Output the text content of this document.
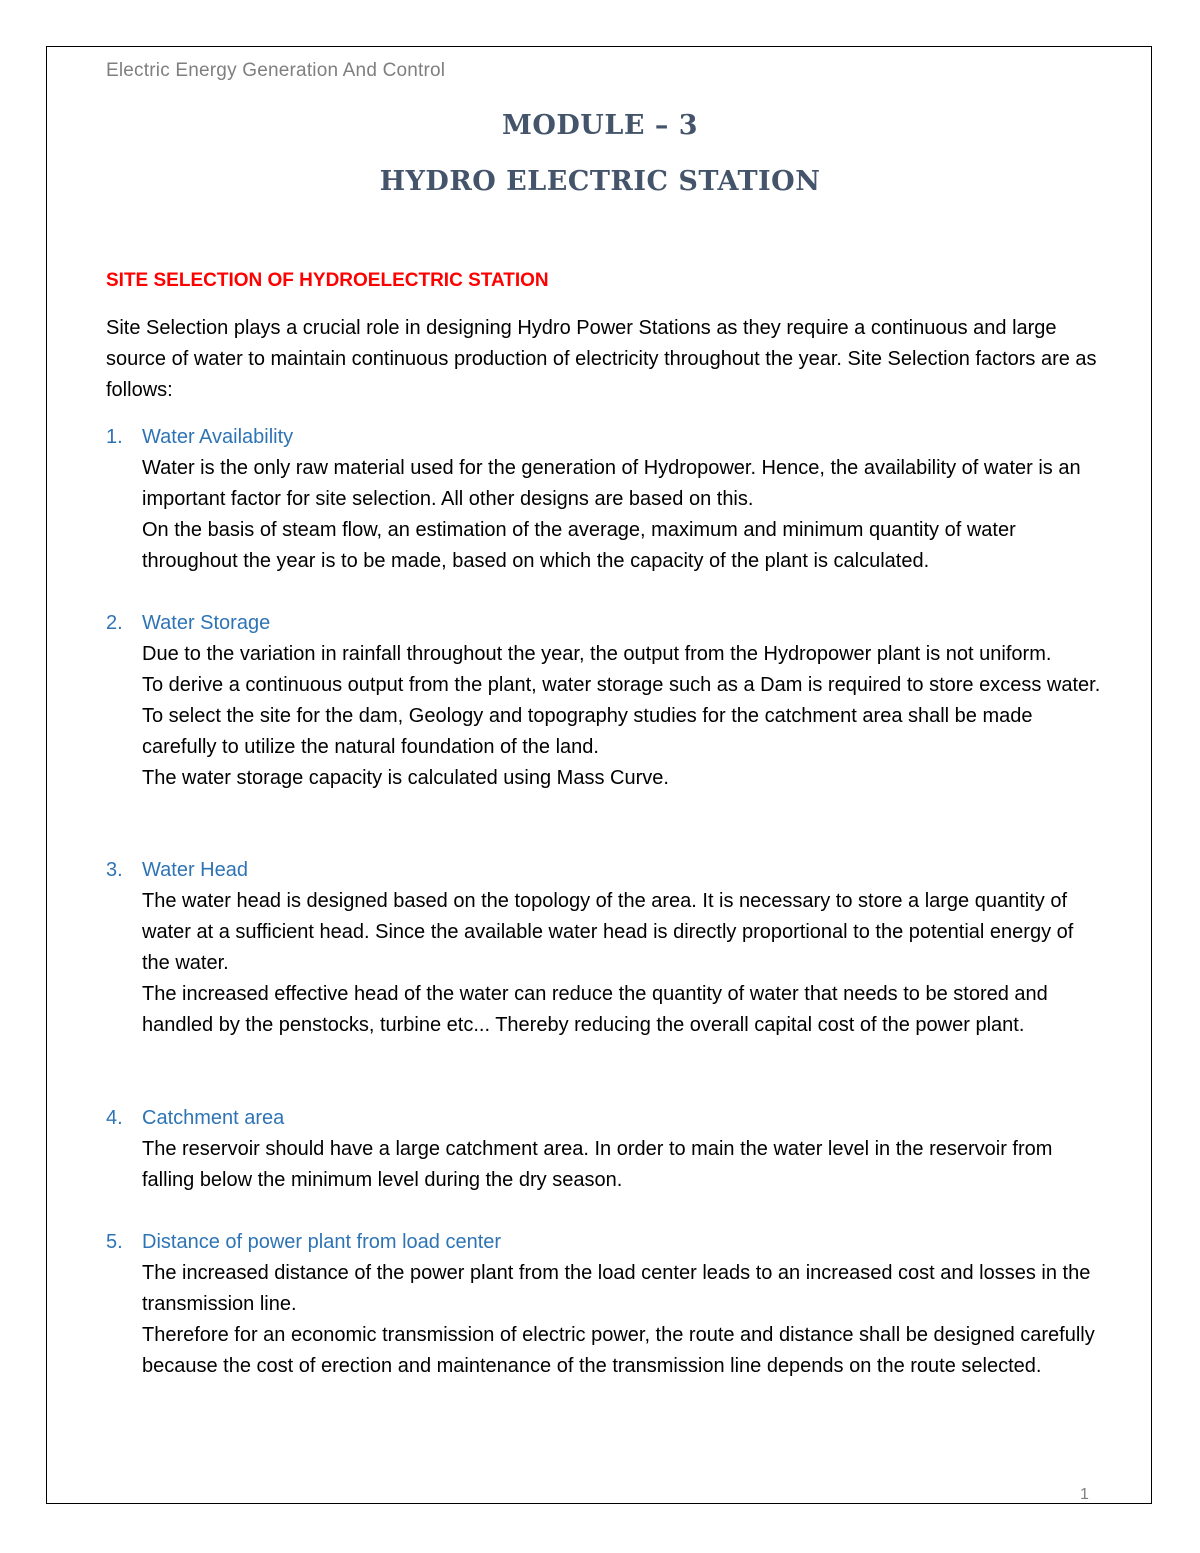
Electric Energy Generation And Control
MODULE – 3
HYDRO ELECTRIC STATION
SITE SELECTION OF HYDROELECTRIC STATION

Site Selection plays a crucial role in designing Hydro Power Stations as they require a continuous and large source of water to maintain continuous production of electricity throughout the year. Site Selection factors are as follows:

1. Water Availability

Water is the only raw material used for the generation of Hydropower. Hence, the availability of water is an important factor for site selection. All other designs are based on this.

On the basis of steam flow, an estimation of the average, maximum and minimum quantity of water throughout the year is to be made, based on which the capacity of the plant is calculated.

2. Water Storage

Due to the variation in rainfall throughout the year, the output from the Hydropower plant is not uniform.

To derive a continuous output from the plant, water storage such as a Dam is required to store excess water. To select the site for the dam, Geology and topography studies for the catchment area shall be made carefully to utilize the natural foundation of the land.

The water storage capacity is calculated using Mass Curve.

3. Water Head

The water head is designed based on the topology of the area. It is necessary to store a large quantity of water at a sufficient head. Since the available water head is directly proportional to the potential energy of the water.

The increased effective head of the water can reduce the quantity of water that needs to be stored and handled by the penstocks, turbine etc... Thereby reducing the overall capital cost of the power plant.

4. Catchment area

The reservoir should have a large catchment area. In order to main the water level in the reservoir from falling below the minimum level during the dry season.

5. Distance of power plant from load center

The increased distance of the power plant from the load center leads to an increased cost and losses in the transmission line.

Therefore for an economic transmission of electric power, the route and distance shall be designed carefully because the cost of erection and maintenance of the transmission line depends on the route selected.

1
